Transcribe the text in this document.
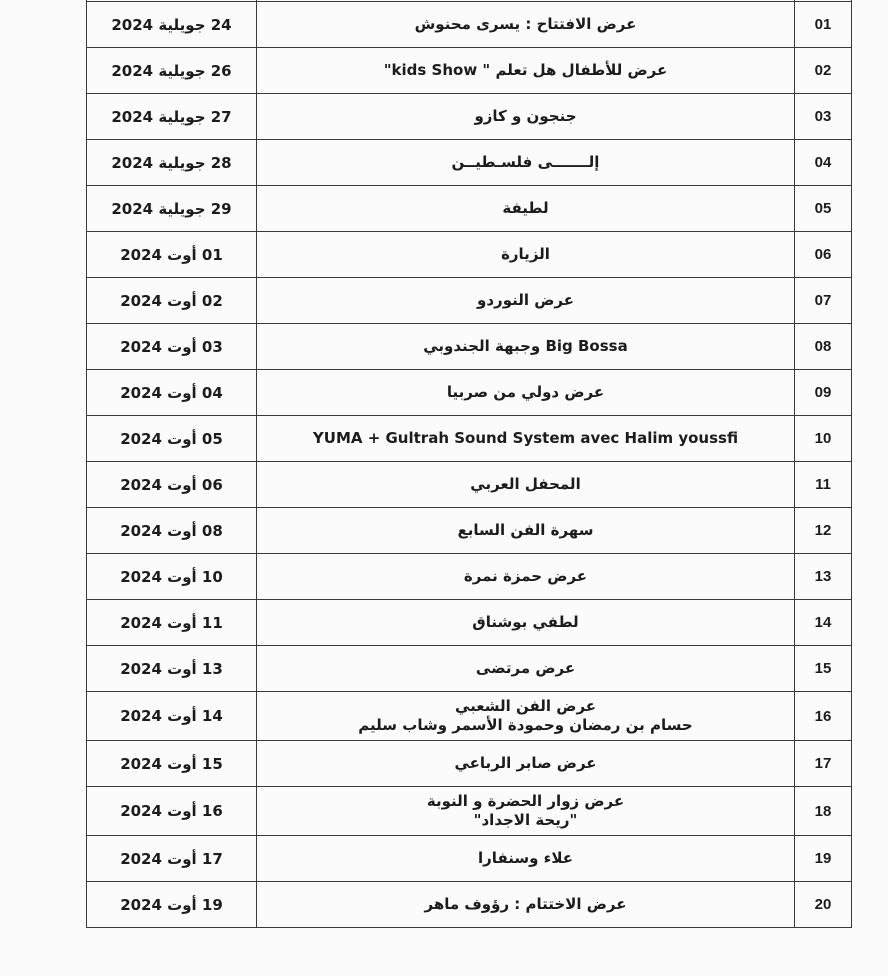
24 جويلية 2024	عرض الافتتاح : يسرى محنوش	01
26 جويلية 2024	عرض للأطفال هل تعلم " kids Show"	02
27 جويلية 2024	جنجون و كازو	03
28 جويلية 2024	إلـــــــى فلسـطيــن	04
29 جويلية 2024	لطيفة	05
01 أوت 2024	الزيارة	06
02 أوت 2024	عرض النوردو	07
03 أوت 2024	Big Bossa وجبهة الجندوبي	08
04 أوت 2024	عرض دولي من صربيا	09
05 أوت 2024	YUMA + Gultrah Sound System avec Halim youssfi	10
06 أوت 2024	المحفل العربي	11
08 أوت 2024	سهرة الفن السابع	12
10 أوت 2024	عرض حمزة نمرة	13
11 أوت 2024	لطفي بوشناق	14
13 أوت 2024	عرض مرتضى	15
14 أوت 2024	عرض الفن الشعبي
حسام بن رمضان وحمودة الأسمر وشاب سليم	16
15 أوت 2024	عرض صابر الرباعي	17
16 أوت 2024	عرض زوار الحضرة و النوبة
"ريحة الاجداد"	18
17 أوت 2024	علاء وسنفارا	19
19 أوت 2024	عرض الاختتام : رؤوف ماهر	20
